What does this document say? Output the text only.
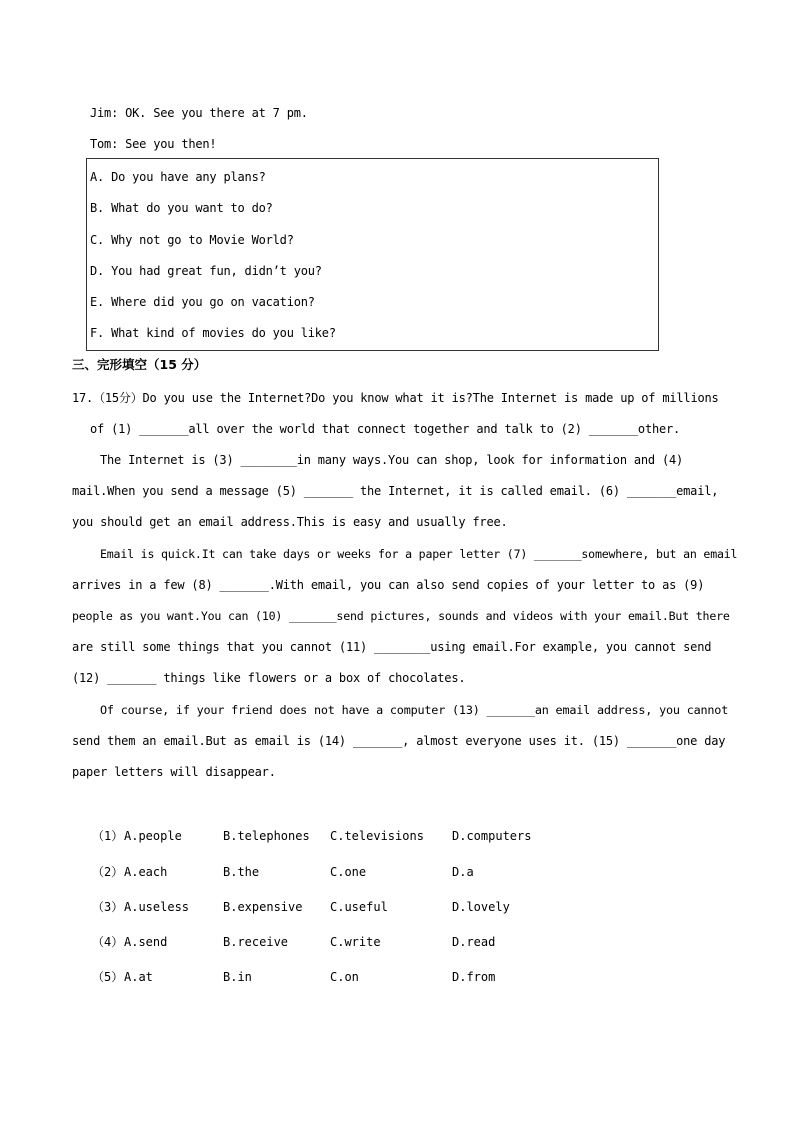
Jim: OK. See you there at 7 pm.
Tom: See you then!
A. Do you have any plans?
B. What do you want to do?
C. Why not go to Movie World?
D. You had great fun, didn’t you?
E. Where did you go on vacation?
F. What kind of movies do you like?
三、完形填空（15 分）
17.（15分）Do you use the Internet?Do you know what it is?The Internet is made up of millions
of (1) _______all over the world that connect together and talk to (2) _______other.
The Internet is (3) ________in many ways.You can shop, look for information and (4)
mail.When you send a message (5) _______ the Internet, it is called email. (6) _______email,
you should get an email address.This is easy and usually free.
Email is quick.It can take days or weeks for a paper letter (7) _______somewhere, but an email
arrives in a few (8) _______.With email, you can also send copies of your letter to as (9)
people as you want.You can (10) _______send pictures, sounds and videos with your email.But there
are still some things that you cannot (11) ________using email.For example, you cannot send
(12) _______ things like flowers or a box of chocolates.
Of course, if your friend does not have a computer (13) _______an email address, you cannot
send them an email.But as email is (14) _______, almost everyone uses it. (15) _______one day
paper letters will disappear.
（1） A.people	B.telephones C.televisions D.computers
（2） A.each	B.the	C.one	D.a
（3） A.useless	B.expensive C.useful	D.lovely
（4） A.send	B.receive	C.write	D.read
（5） A.at	B.in	C.on	D.from
